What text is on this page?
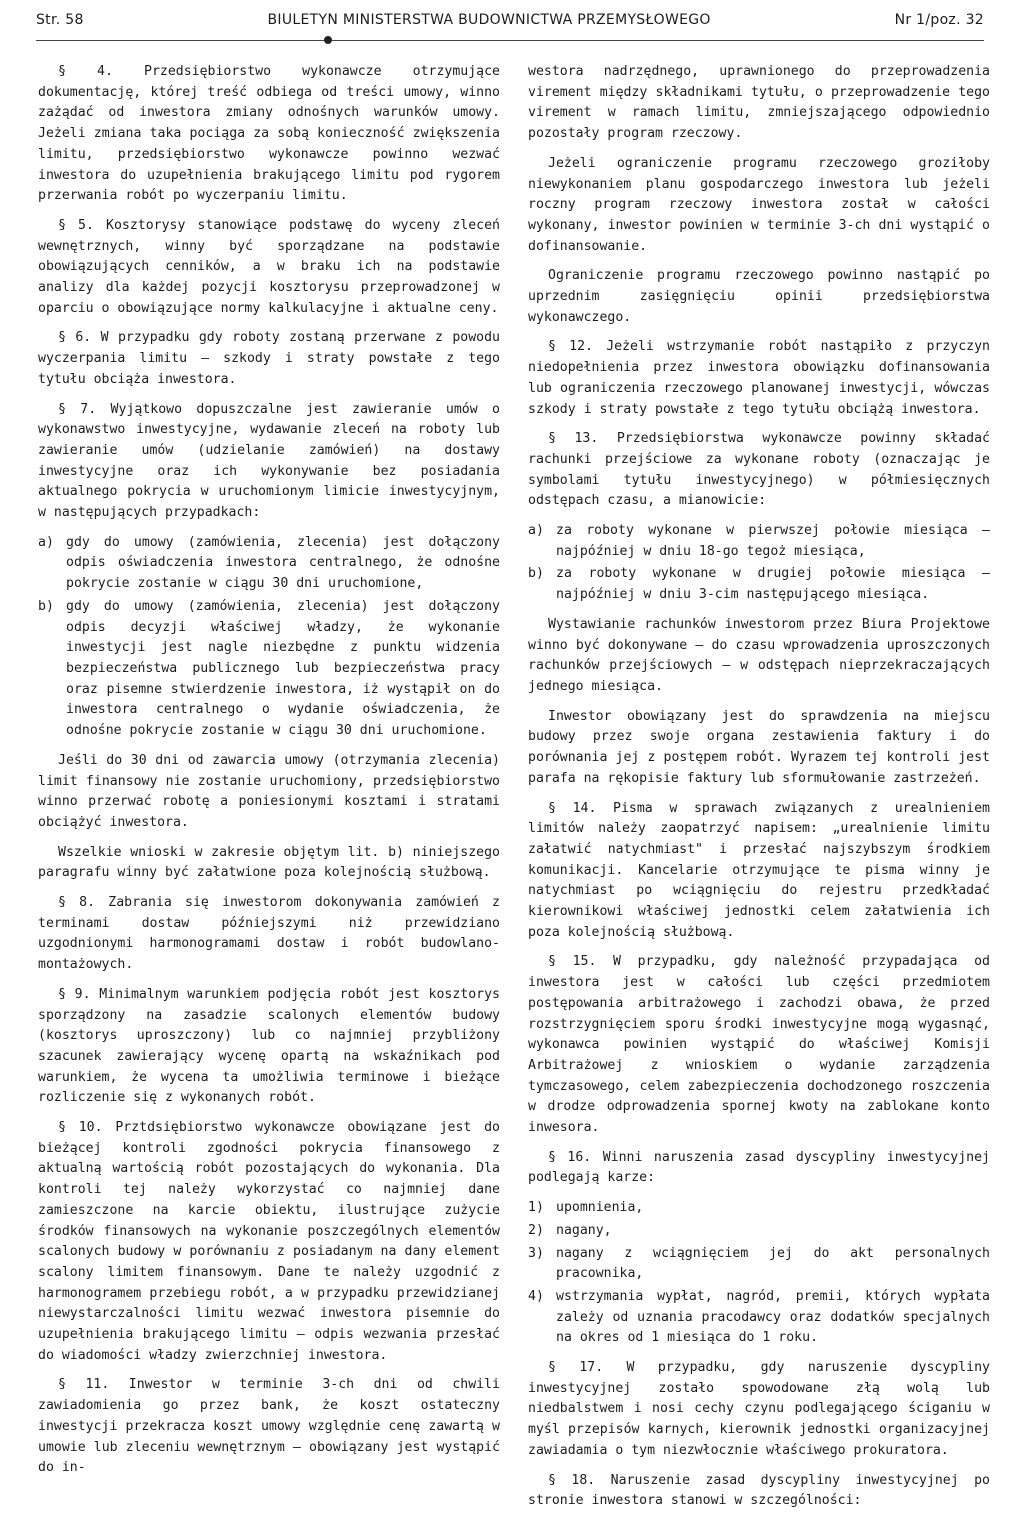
Str. 58	BIULETYN MINISTERSTWA BUDOWNICTWA PRZEMYSŁOWEGO	Nr 1/poz. 32

§ 4. Przedsiębiorstwo wykonawcze otrzymujące dokumentację, której treść odbiega od treści umowy, winno zażądać od inwestora zmiany odnośnych warunków umowy. Jeżeli zmiana taka pociąga za sobą konieczność zwiększenia limitu, przedsiębiorstwo wykonawcze powinno wezwać inwestora do uzupełnienia brakującego limitu pod rygorem przerwania robót po wyczerpaniu limitu.

§ 5. Kosztorysy stanowiące podstawę do wyceny zleceń wewnętrznych, winny być sporządzane na podstawie obowiązujących cenników, a w braku ich na podstawie analizy dla każdej pozycji kosztorysu przeprowadzonej w oparciu o obowiązujące normy kalkulacyjne i aktualne ceny.

§ 6. W przypadku gdy roboty zostaną przerwane z powodu wyczerpania limitu — szkody i straty powstałe z tego tytułu obciąża inwestora.

§ 7. Wyjątkowo dopuszczalne jest zawieranie umów o wykonawstwo inwestycyjne, wydawanie zleceń na roboty lub zawieranie umów (udzielanie zamówień) na dostawy inwestycyjne oraz ich wykonywanie bez posiadania aktualnego pokrycia w uruchomionym limicie inwestycyjnym, w następujących przypadkach:

a) gdy do umowy (zamówienia, zlecenia) jest dołączony odpis oświadczenia inwestora centralnego, że odnośne pokrycie zostanie w ciągu 30 dni uruchomione,
b) gdy do umowy (zamówienia, zlecenia) jest dołączony odpis decyzji właściwej władzy, że wykonanie inwestycji jest nagle niezbędne z punktu widzenia bezpieczeństwa publicznego lub bezpieczeństwa pracy oraz pisemne stwierdzenie inwestora, iż wystąpił on do inwestora centralnego o wydanie oświadczenia, że odnośne pokrycie zostanie w ciągu 30 dni uruchomione.

Jeśli do 30 dni od zawarcia umowy (otrzymania zlecenia) limit finansowy nie zostanie uruchomiony, przedsiębiorstwo winno przerwać robotę a poniesionymi kosztami i stratami obciążyć inwestora.

Wszelkie wnioski w zakresie objętym lit. b) niniejszego paragrafu winny być załatwione poza kolejnością służbową.

§ 8. Zabrania się inwestorom dokonywania zamówień z terminami dostaw późniejszymi niż przewidziano uzgodnionymi harmonogramami dostaw i robót budowlano-montażowych.

§ 9. Minimalnym warunkiem podjęcia robót jest kosztorys sporządzony na zasadzie scalonych elementów budowy (kosztorys uproszczony) lub co najmniej przybliżony szacunek zawierający wycenę opartą na wskaźnikach pod warunkiem, że wycena ta umożliwia terminowe i bieżące rozliczenie się z wykonanych robót.

§ 10. Prztdsiębiorstwo wykonawcze obowiązane jest do bieżącej kontroli zgodności pokrycia finansowego z aktualną wartością robót pozostających do wykonania. Dla kontroli tej należy wykorzystać co najmniej dane zamieszczone na karcie obiektu, ilustrujące zużycie środków finansowych na wykonanie poszczególnych elementów scalonych budowy w porównaniu z posiadanym na dany element scalony limitem finansowym. Dane te należy uzgodnić z harmonogramem przebiegu robót, a w przypadku przewidzianej niewystarczalności limitu wezwać inwestora pisemnie do uzupełnienia brakującego limitu — odpis wezwania przesłać do wiadomości władzy zwierzchniej inwestora.

§ 11. Inwestor w terminie 3-ch dni od chwili zawiadomienia go przez bank, że koszt ostateczny inwestycji przekracza koszt umowy względnie cenę zawartą w umowie lub zleceniu wewnętrznym — obowiązany jest wystąpić do in-

westora nadrzędnego, uprawnionego do przeprowadzenia virement między składnikami tytułu, o przeprowadzenie tego virement w ramach limitu, zmniejszającego odpowiednio pozostały program rzeczowy.

Jeżeli ograniczenie programu rzeczowego groziłoby niewykonaniem planu gospodarczego inwestora lub jeżeli roczny program rzeczowy inwestora został w całości wykonany, inwestor powinien w terminie 3-ch dni wystąpić o dofinansowanie.

Ograniczenie programu rzeczowego powinno nastąpić po uprzednim zasięgnięciu opinii przedsiębiorstwa wykonawczego.

§ 12. Jeżeli wstrzymanie robót nastąpiło z przyczyn niedopełnienia przez inwestora obowiązku dofinansowania lub ograniczenia rzeczowego planowanej inwestycji, wówczas szkody i straty powstałe z tego tytułu obciążą inwestora.

§ 13. Przedsiębiorstwa wykonawcze powinny składać rachunki przejściowe za wykonane roboty (oznaczając je symbolami tytułu inwestycyjnego) w półmiesięcznych odstępach czasu, a mianowicie:

a) za roboty wykonane w pierwszej połowie miesiąca — najpóźniej w dniu 18-go tegoż miesiąca,
b) za roboty wykonane w drugiej połowie miesiąca — najpóźniej w dniu 3-cim następującego miesiąca.

Wystawianie rachunków inwestorom przez Biura Projektowe winno być dokonywane — do czasu wprowadzenia uproszczonych rachunków przejściowych — w odstępach nieprzekraczających jednego miesiąca.

Inwestor obowiązany jest do sprawdzenia na miejscu budowy przez swoje organa zestawienia faktury i do porównania jej z postępem robót. Wyrazem tej kontroli jest parafa na rękopisie faktury lub sformułowanie zastrzeżeń.

§ 14. Pisma w sprawach związanych z urealnieniem limitów należy zaopatrzyć napisem: „urealnienie limitu załatwić natychmiast" i przesłać najszybszym środkiem komunikacji. Kancelarie otrzymujące te pisma winny je natychmiast po wciągnięciu do rejestru przedkładać kierownikowi właściwej jednostki celem załatwienia ich poza kolejnością służbową.

§ 15. W przypadku, gdy należność przypadająca od inwestora jest w całości lub części przedmiotem postępowania arbitrażowego i zachodzi obawa, że przed rozstrzygnięciem sporu środki inwestycyjne mogą wygasnąć, wykonawca powinien wystąpić do właściwej Komisji Arbitrażowej z wnioskiem o wydanie zarządzenia tymczasowego, celem zabezpieczenia dochodzonego roszczenia w drodze odprowadzenia spornej kwoty na zablokane konto inwesora.

§ 16. Winni naruszenia zasad dyscypliny inwestycyjnej podlegają karze:

1) upomnienia,
2) nagany,
3) nagany z wciągnięciem jej do akt personalnych pracownika,
4) wstrzymania wypłat, nagród, premii, których wypłata zależy od uznania pracodawcy oraz dodatków specjalnych na okres od 1 miesiąca do 1 roku.

§ 17. W przypadku, gdy naruszenie dyscypliny inwestycyjnej zostało spowodowane złą wolą lub niedbalstwem i nosi cechy czynu podlegającego ściganiu w myśl przepisów karnych, kierownik jednostki organizacyjnej zawiadamia o tym niezwłocznie właściwego prokuratora.

§ 18. Naruszenie zasad dyscypliny inwestycyjnej po stronie inwestora stanowi w szczególności:
